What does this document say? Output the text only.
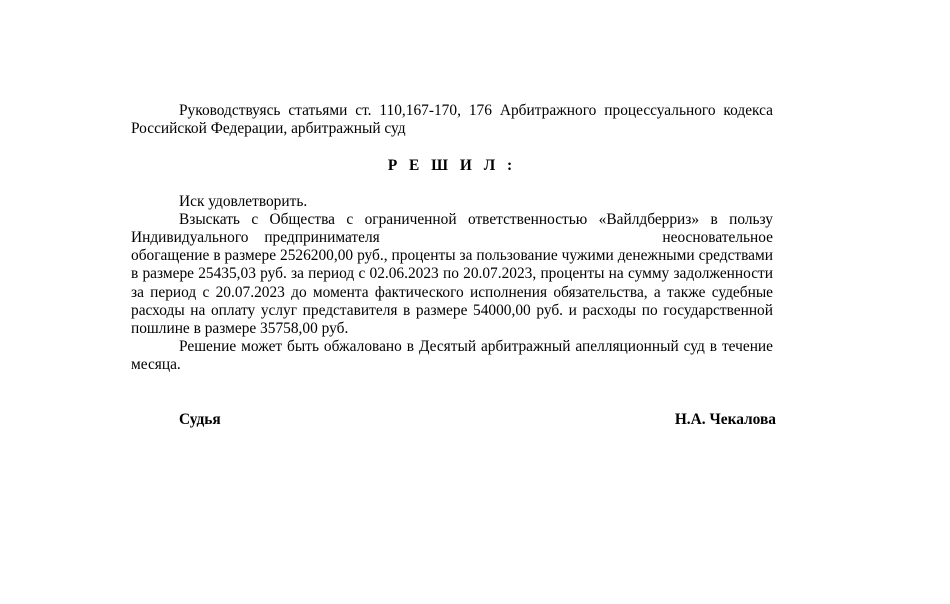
Руководствуясь статьями ст. 110,167-170, 176 Арбитражного процессуального кодекса Российской Федерации, арбитражный суд

Р Е Ш И Л :

Иск удовлетворить.

Взыскать с Общества с ограниченной ответственностью «Вайлдберриз» в пользу

Индивидуального предпринимателя	неосновательное

обогащение в размере 2526200,00 руб., проценты за пользование чужими денежными средствами в размере 25435,03 руб. за период с 02.06.2023 по 20.07.2023, проценты на сумму задолженности за период с 20.07.2023 до момента фактического исполнения обязательства, а также судебные расходы на оплату услуг представителя в размере 54000,00 руб. и расходы по государственной пошлине в размере 35758,00 руб.

Решение может быть обжаловано в Десятый арбитражный апелляционный суд в течение месяца.

Судья	Н.А. Чекалова
